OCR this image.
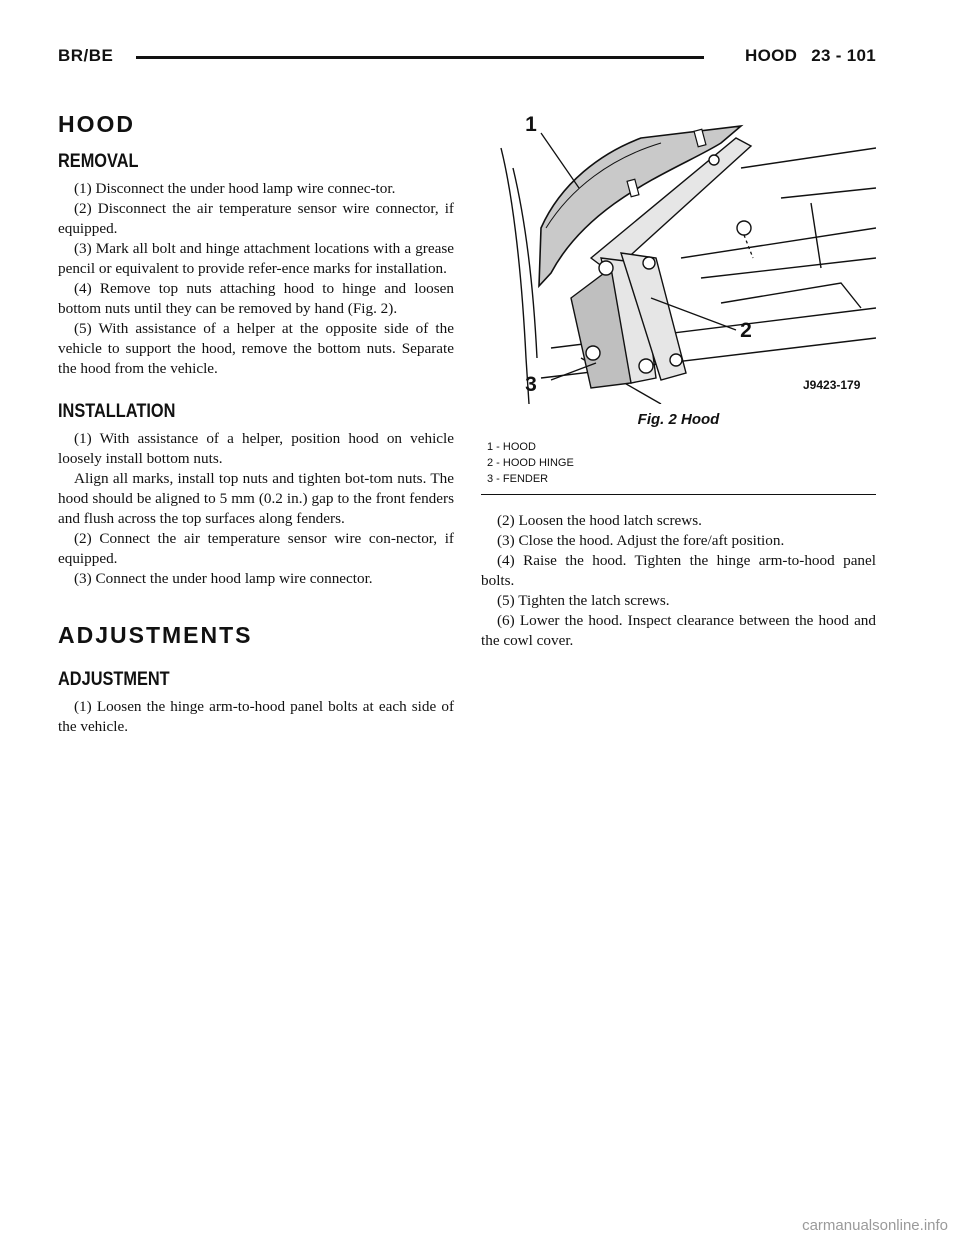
BR/BE	HOOD 23 - 101
HOOD
REMOVAL

(1) Disconnect the under hood lamp wire connec-tor.

(2) Disconnect the air temperature sensor wire connector, if equipped.

(3) Mark all bolt and hinge attachment locations with a grease pencil or equivalent to provide refer-ence marks for installation.

(4) Remove top nuts attaching hood to hinge and loosen bottom nuts until they can be removed by hand (Fig. 2).

(5) With assistance of a helper at the opposite side of the vehicle to support the hood, remove the bottom nuts. Separate the hood from the vehicle.

INSTALLATION

(1) With assistance of a helper, position hood on vehicle loosely install bottom nuts.

Align all marks, install top nuts and tighten bot-tom nuts. The hood should be aligned to 5 mm (0.2 in.) gap to the front fenders and flush across the top surfaces along fenders.

(2) Connect the air temperature sensor wire con-nector, if equipped.

(3) Connect the under hood lamp wire connector.

ADJUSTMENTS
ADJUSTMENT

(1) Loosen the hinge arm-to-hood panel bolts at each side of the vehicle.

1
2
3	J9423-179
Fig. 2 Hood
1 - HOOD
2 - HOOD HINGE
3 - FENDER

(2) Loosen the hood latch screws.

(3) Close the hood. Adjust the fore/aft position.

(4) Raise the hood. Tighten the hinge arm-to-hood panel bolts.

(5) Tighten the latch screws.

(6) Lower the hood. Inspect clearance between the hood and the cowl cover.

carmanualsonline.info
